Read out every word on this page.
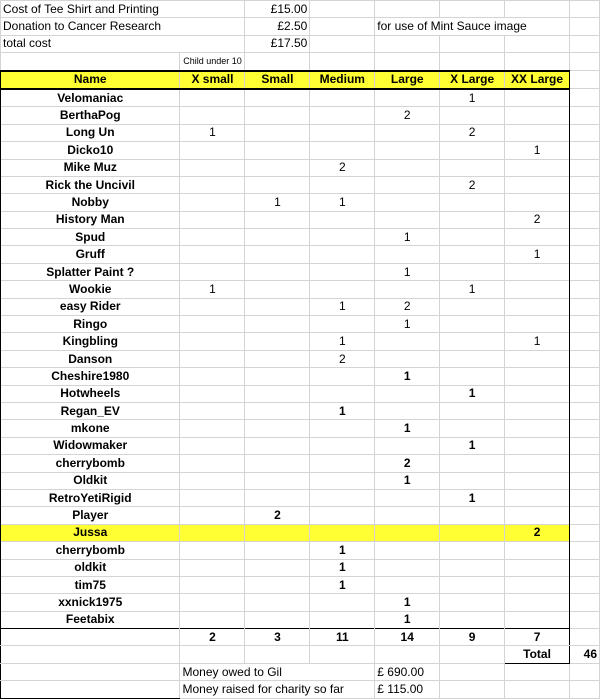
Cost of Tee Shirt and Printing		£15.00					
Donation to Cancer Research		£2.50		for use of Mint Sauce image			
total cost		£17.50					
	Child under 10						
Name	X small	Small	Medium	Large	X Large	XX Large	
Velomaniac					1		
BerthaPog				2			
Long Un	1				2		
Dicko10						1	
Mike Muz			2				
Rick the Uncivil					2		
Nobby		1	1				
History Man						2	
Spud				1			
Gruff						1	
Splatter Paint ?				1			
Wookie	1				1		
easy Rider			1	2			
Ringo				1			
Kingbling			1			1	
Danson			2				
Cheshire1980				1			
Hotwheels					1		
Regan_EV			1				
mkone				1			
Widowmaker					1		
cherrybomb				2			
Oldkit				1			
RetroYetiRigid					1		
Player		2					
Jussa						2	
cherrybomb			1				
oldkit			1				
tim75			1				
xxnick1975				1			
Feetabix				1			
	2	3	11	14	9	7	
						Total	46
	Money owed to Gil			£ 690.00			
	Money raised for charity so far			£ 115.00			
